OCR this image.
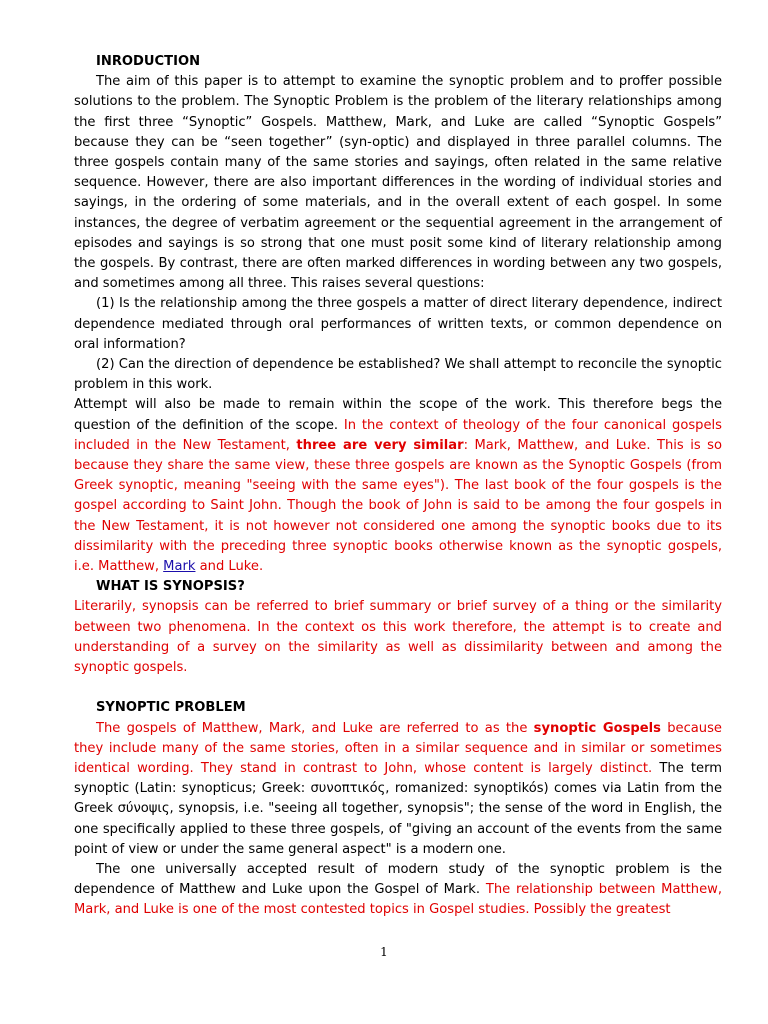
INRODUCTION

The aim of this paper is to attempt to examine the synoptic problem and to proffer possible solutions to the problem. The Synoptic Problem is the problem of the literary relationships among the first three “Synoptic” Gospels. Matthew, Mark, and Luke are called “Synoptic Gospels” because they can be “seen together” (syn-optic) and displayed in three parallel columns. The three gospels contain many of the same stories and sayings, often related in the same relative sequence. However, there are also important differences in the wording of individual stories and sayings, in the ordering of some materials, and in the overall extent of each gospel. In some instances, the degree of verbatim agreement or the sequential agreement in the arrangement of episodes and sayings is so strong that one must posit some kind of literary relationship among the gospels. By contrast, there are often marked differences in wording between any two gospels, and sometimes among all three. This raises several questions:

(1) Is the relationship among the three gospels a matter of direct literary dependence, indirect dependence mediated through oral performances of written texts, or common dependence on oral information?

(2) Can the direction of dependence be established? We shall attempt to reconcile the synoptic problem in this work.

Attempt will also be made to remain within the scope of the work. This therefore begs the question of the definition of the scope. In the context of theology of the four canonical gospels included in the New Testament, three are very similar: Mark, Matthew, and Luke. This is so because they share the same view, these three gospels are known as the Synoptic Gospels (from Greek synoptic, meaning "seeing with the same eyes"). The last book of the four gospels is the gospel according to Saint John. Though the book of John is said to be among the four gospels in the New Testament, it is not however not considered one among the synoptic books due to its dissimilarity with the preceding three synoptic books otherwise known as the synoptic gospels, i.e. Matthew, Mark and Luke.

WHAT IS SYNOPSIS?

Literarily, synopsis can be referred to brief summary or brief survey of a thing or the similarity between two phenomena. In the context os this work therefore, the attempt is to create and understanding of a survey on the similarity as well as dissimilarity between and among the synoptic gospels.

SYNOPTIC PROBLEM

The gospels of Matthew, Mark, and Luke are referred to as the synoptic Gospels because they include many of the same stories, often in a similar sequence and in similar or sometimes identical wording. They stand in contrast to John, whose content is largely distinct. The term synoptic (Latin: synopticus; Greek: συνοπτικός, romanized: synoptikós) comes via Latin from the Greek σύνοψις, synopsis, i.e. "seeing all together, synopsis"; the sense of the word in English, the one specifically applied to these three gospels, of "giving an account of the events from the same point of view or under the same general aspect" is a modern one.

The one universally accepted result of modern study of the synoptic problem is the dependence of Matthew and Luke upon the Gospel of Mark. The relationship between Matthew, Mark, and Luke is one of the most contested topics in Gospel studies. Possibly the greatest

1
